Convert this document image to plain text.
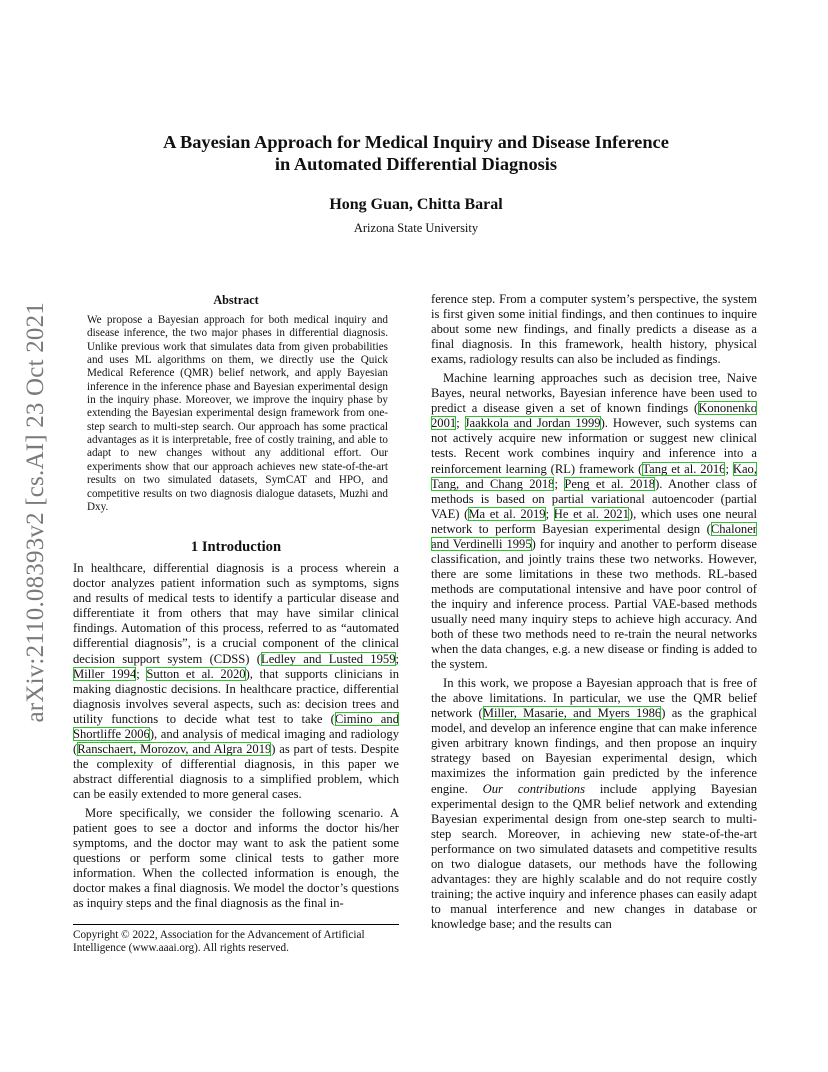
arXiv:2110.08393v2 [cs.AI] 23 Oct 2021
A Bayesian Approach for Medical Inquiry and Disease Inference
in Automated Differential Diagnosis
Hong Guan, Chitta Baral
Arizona State University
Abstract

We propose a Bayesian approach for both medical inquiry and disease inference, the two major phases in differential diagnosis. Unlike previous work that simulates data from given probabilities and uses ML algorithms on them, we directly use the Quick Medical Reference (QMR) belief network, and apply Bayesian inference in the inference phase and Bayesian experimental design in the inquiry phase. Moreover, we improve the inquiry phase by extending the Bayesian experimental design framework from one-step search to multi-step search. Our approach has some practical advantages as it is interpretable, free of costly training, and able to adapt to new changes without any additional effort. Our experiments show that our approach achieves new state-of-the-art results on two simulated datasets, SymCAT and HPO, and competitive results on two diagnosis dialogue datasets, Muzhi and Dxy.

1 Introduction

In healthcare, differential diagnosis is a process wherein a doctor analyzes patient information such as symptoms, signs and results of medical tests to identify a particular disease and differentiate it from others that may have similar clinical findings. Automation of this process, referred to as “automated differential diagnosis”, is a crucial component of the clinical decision support system (CDSS) (Ledley and Lusted 1959; Miller 1994; Sutton et al. 2020), that supports clinicians in making diagnostic decisions. In healthcare practice, differential diagnosis involves several aspects, such as: decision trees and utility functions to decide what test to take (Cimino and Shortliffe 2006), and analysis of medical imaging and radiology (Ranschaert, Morozov, and Algra 2019) as part of tests. Despite the complexity of differential diagnosis, in this paper we abstract differential diagnosis to a simplified problem, which can be easily extended to more general cases.

More specifically, we consider the following scenario. A patient goes to see a doctor and informs the doctor his/her symptoms, and the doctor may want to ask the patient some questions or perform some clinical tests to gather more information. When the collected information is enough, the doctor makes a final diagnosis. We model the doctor’s questions as inquiry steps and the final diagnosis as the final in-

Copyright © 2022, Association for the Advancement of Artificial Intelligence (www.aaai.org). All rights reserved.

ference step. From a computer system’s perspective, the system is first given some initial findings, and then continues to inquire about some new findings, and finally predicts a disease as a final diagnosis. In this framework, health history, physical exams, radiology results can also be included as findings.

Machine learning approaches such as decision tree, Naive Bayes, neural networks, Bayesian inference have been used to predict a disease given a set of known findings (Kononenko 2001; Jaakkola and Jordan 1999). However, such systems can not actively acquire new information or suggest new clinical tests. Recent work combines inquiry and inference into a reinforcement learning (RL) framework (Tang et al. 2016; Kao, Tang, and Chang 2018; Peng et al. 2018). Another class of methods is based on partial variational autoencoder (partial VAE) (Ma et al. 2019; He et al. 2021), which uses one neural network to perform Bayesian experimental design (Chaloner and Verdinelli 1995) for inquiry and another to perform disease classification, and jointly trains these two networks. However, there are some limitations in these two methods. RL-based methods are computational intensive and have poor control of the inquiry and inference process. Partial VAE-based methods usually need many inquiry steps to achieve high accuracy. And both of these two methods need to re-train the neural networks when the data changes, e.g. a new disease or finding is added to the system.

In this work, we propose a Bayesian approach that is free of the above limitations. In particular, we use the QMR belief network (Miller, Masarie, and Myers 1986) as the graphical model, and develop an inference engine that can make inference given arbitrary known findings, and then propose an inquiry strategy based on Bayesian experimental design, which maximizes the information gain predicted by the inference engine. Our contributions include applying Bayesian experimental design to the QMR belief network and extending Bayesian experimental design from one-step search to multi-step search. Moreover, in achieving new state-of-the-art performance on two simulated datasets and competitive results on two dialogue datasets, our methods have the following advantages: they are highly scalable and do not require costly training; the active inquiry and inference phases can easily adapt to manual interference and new changes in database or knowledge base; and the results can
